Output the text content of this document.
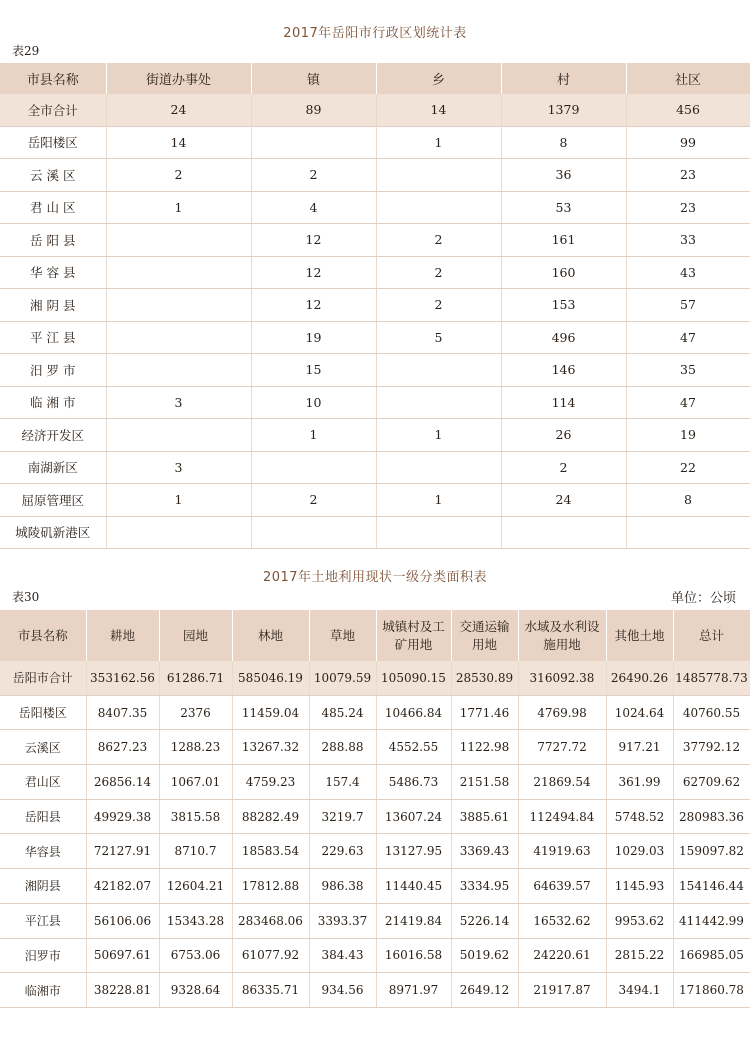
2017年岳阳市行政区划统计表
表29
市县名称	街道办事处	镇	乡	村	社区
全市合计	24	89	14	1379	456
岳阳楼区	14		1	8	99
云 溪 区	2	2		36	23
君 山 区	1	4		53	23
岳 阳 县		12	2	161	33
华 容 县		12	2	160	43
湘 阴 县		12	2	153	57
平 江 县		19	5	496	47
汨 罗 市		15		146	35
临 湘 市	3	10		114	47
经济开发区		1	1	26	19
南湖新区	3			2	22
屈原管理区	1	2	1	24	8
城陵矶新港区					
2017年土地利用现状一级分类面积表
表30	单位：公顷
市县名称	耕地	园地	林地	草地	城镇村及工矿用地	交通运输用地	水域及水利设施用地	其他土地	总计
岳阳市合计	353162.56	61286.71	585046.19	10079.59	105090.15	28530.89	316092.38	26490.26	1485778.73
岳阳楼区	8407.35	2376	11459.04	485.24	10466.84	1771.46	4769.98	1024.64	40760.55
云溪区	8627.23	1288.23	13267.32	288.88	4552.55	1122.98	7727.72	917.21	37792.12
君山区	26856.14	1067.01	4759.23	157.4	5486.73	2151.58	21869.54	361.99	62709.62
岳阳县	49929.38	3815.58	88282.49	3219.7	13607.24	3885.61	112494.84	5748.52	280983.36
华容县	72127.91	8710.7	18583.54	229.63	13127.95	3369.43	41919.63	1029.03	159097.82
湘阴县	42182.07	12604.21	17812.88	986.38	11440.45	3334.95	64639.57	1145.93	154146.44
平江县	56106.06	15343.28	283468.06	3393.37	21419.84	5226.14	16532.62	9953.62	411442.99
汨罗市	50697.61	6753.06	61077.92	384.43	16016.58	5019.62	24220.61	2815.22	166985.05
临湘市	38228.81	9328.64	86335.71	934.56	8971.97	2649.12	21917.87	3494.1	171860.78
